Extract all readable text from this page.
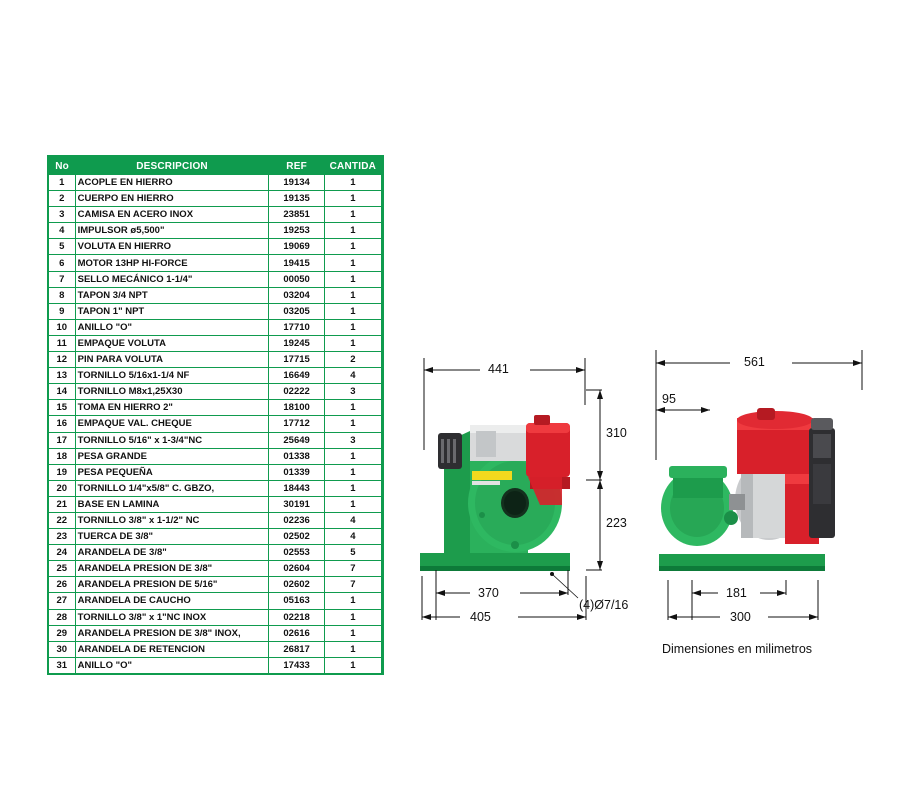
No	DESCRIPCION	REF	CANTIDA
1	ACOPLE EN HIERRO	19134	1
2	CUERPO EN HIERRO	19135	1
3	CAMISA EN ACERO INOX	23851	1
4	IMPULSOR ø5,500"	19253	1
5	VOLUTA EN HIERRO	19069	1
6	MOTOR 13HP HI-FORCE	19415	1
7	SELLO MECÁNICO 1-1/4"	00050	1
8	TAPON 3/4 NPT	03204	1
9	TAPON 1" NPT	03205	1
10	ANILLO "O"	17710	1
11	EMPAQUE VOLUTA	19245	1
12	PIN PARA VOLUTA	17715	2
13	TORNILLO 5/16x1-1/4 NF	16649	4
14	TORNILLO M8x1,25X30	02222	3
15	TOMA EN HIERRO 2"	18100	1
16	EMPAQUE VAL. CHEQUE	17712	1
17	TORNILLO 5/16" x 1-3/4"NC	25649	3
18	PESA GRANDE	01338	1
19	PESA PEQUEÑA	01339	1
20	TORNILLO 1/4"x5/8" C. GBZO,	18443	1
21	BASE EN LAMINA	30191	1
22	TORNILLO 3/8" x 1-1/2" NC	02236	4
23	TUERCA DE 3/8"	02502	4
24	ARANDELA DE 3/8"	02553	5
25	ARANDELA PRESION DE 3/8"	02604	7
26	ARANDELA PRESION DE 5/16"	02602	7
27	ARANDELA DE CAUCHO	05163	1
28	TORNILLO 3/8" x 1"NC INOX	02218	1
29	ARANDELA PRESION DE 3/8" INOX,	02616	1
30	ARANDELA DE RETENCION	26817	1
31	ANILLO "O"	17433	1
441
310
223
370
405
(4)Ø7/16
561
95
181
300
Dimensiones en milimetros
